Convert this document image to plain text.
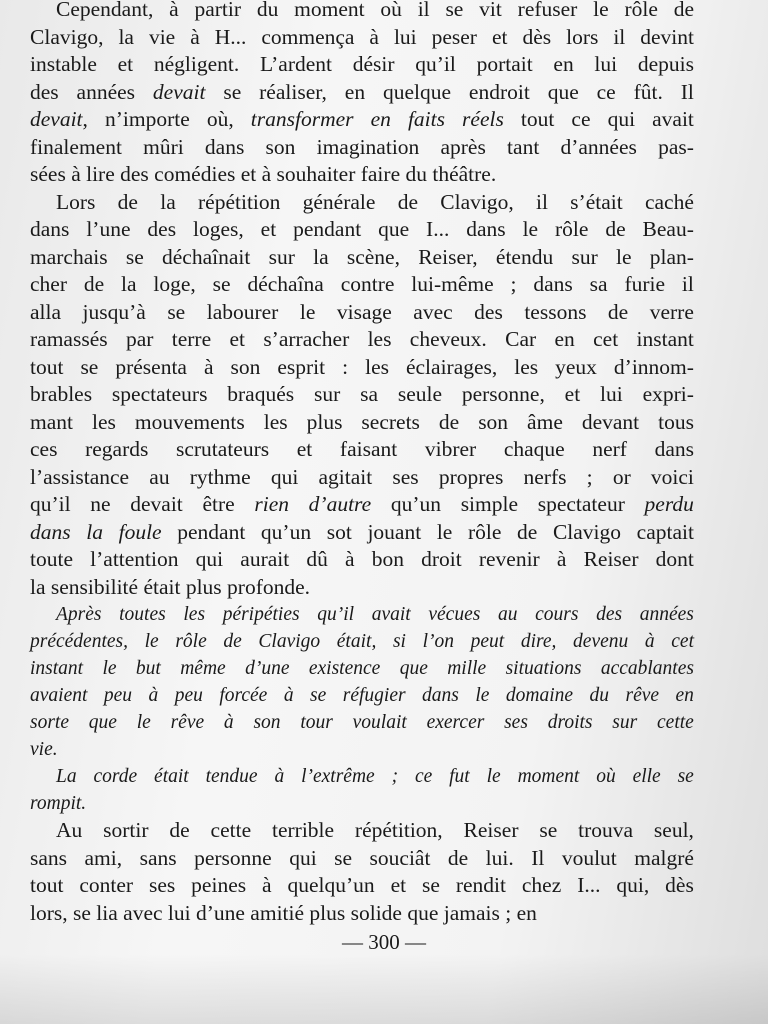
Cependant, à partir du moment où il se vit refuser le rôle de
Clavigo, la vie à H... commença à lui peser et dès lors il devint
instable et négligent. L’ardent désir qu’il portait en lui depuis
des années devait se réaliser, en quelque endroit que ce fût. Il
devait, n’importe où, transformer en faits réels tout ce qui avait
finalement mûri dans son imagination après tant d’années pas-
sées à lire des comédies et à souhaiter faire du théâtre.
Lors de la répétition générale de Clavigo, il s’était caché
dans l’une des loges, et pendant que I... dans le rôle de Beau-
marchais se déchaînait sur la scène, Reiser, étendu sur le plan-
cher de la loge, se déchaîna contre lui-même ; dans sa furie il
alla jusqu’à se labourer le visage avec des tessons de verre
ramassés par terre et s’arracher les cheveux. Car en cet instant
tout se présenta à son esprit : les éclairages, les yeux d’innom-
brables spectateurs braqués sur sa seule personne, et lui expri-
mant les mouvements les plus secrets de son âme devant tous
ces regards scrutateurs et faisant vibrer chaque nerf dans
l’assistance au rythme qui agitait ses propres nerfs ; or voici
qu’il ne devait être rien d’autre qu’un simple spectateur perdu
dans la foule pendant qu’un sot jouant le rôle de Clavigo captait
toute l’attention qui aurait dû à bon droit revenir à Reiser dont
la sensibilité était plus profonde.
Après toutes les péripéties qu’il avait vécues au cours des années
précédentes, le rôle de Clavigo était, si l’on peut dire, devenu à cet
instant le but même d’une existence que mille situations accablantes
avaient peu à peu forcée à se réfugier dans le domaine du rêve en
sorte que le rêve à son tour voulait exercer ses droits sur cette
vie.
La corde était tendue à l’extrême ; ce fut le moment où elle se
rompit.
Au sortir de cette terrible répétition, Reiser se trouva seul,
sans ami, sans personne qui se souciât de lui. Il voulut malgré
tout conter ses peines à quelqu’un et se rendit chez I... qui, dès
lors, se lia avec lui d’une amitié plus solide que jamais ; en
— 300 —
